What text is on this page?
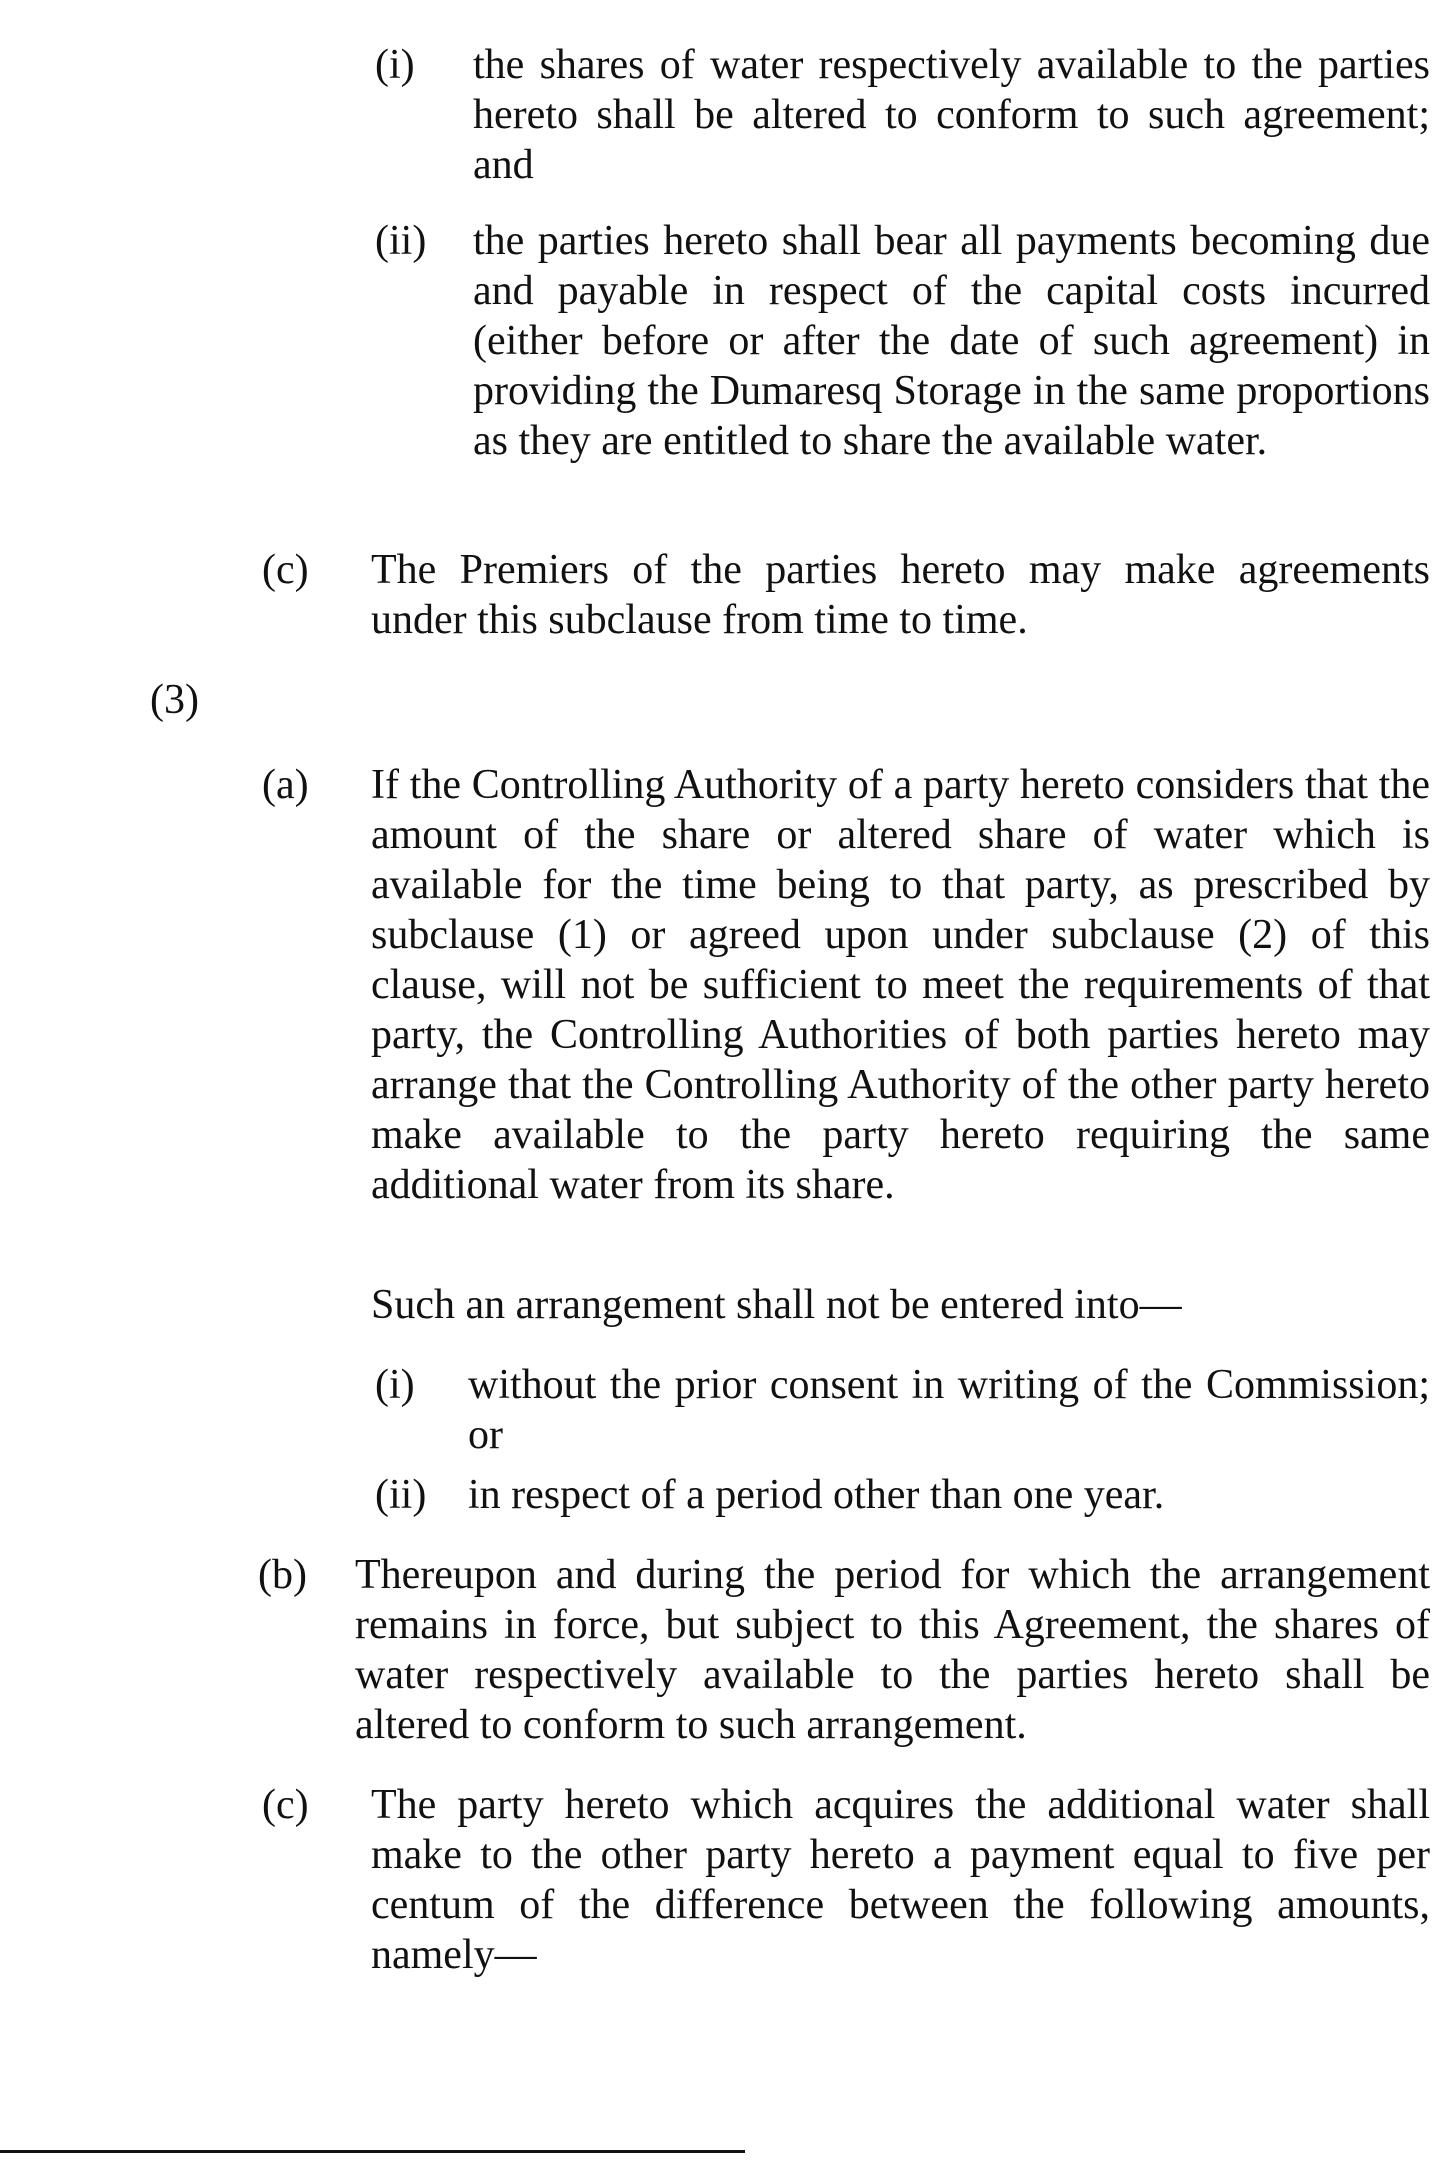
(i) the shares of water respectively available to the parties hereto shall be altered to conform to such agreement; and
(ii) the parties hereto shall bear all payments becoming due and payable in respect of the capital costs incurred (either before or after the date of such agreement) in providing the Dumaresq Storage in the same proportions as they are entitled to share the available water.
(c) The Premiers of the parties hereto may make agreements under this subclause from time to time.
(3)
(a) If the Controlling Authority of a party hereto considers that the amount of the share or altered share of water which is available for the time being to that party, as prescribed by subclause (1) or agreed upon under subclause (2) of this clause, will not be sufficient to meet the requirements of that party, the Controlling Authorities of both parties hereto may arrange that the Controlling Authority of the other party hereto make available to the party hereto requiring the same additional water from its share.
Such an arrangement shall not be entered into—
(i) without the prior consent in writing of the Commission; or
(ii) in respect of a period other than one year.
(b) Thereupon and during the period for which the arrangement remains in force, but subject to this Agreement, the shares of water respectively available to the parties hereto shall be altered to conform to such arrangement.
(c) The party hereto which acquires the additional water shall make to the other party hereto a payment equal to five per centum of the difference between the following amounts, namely—
